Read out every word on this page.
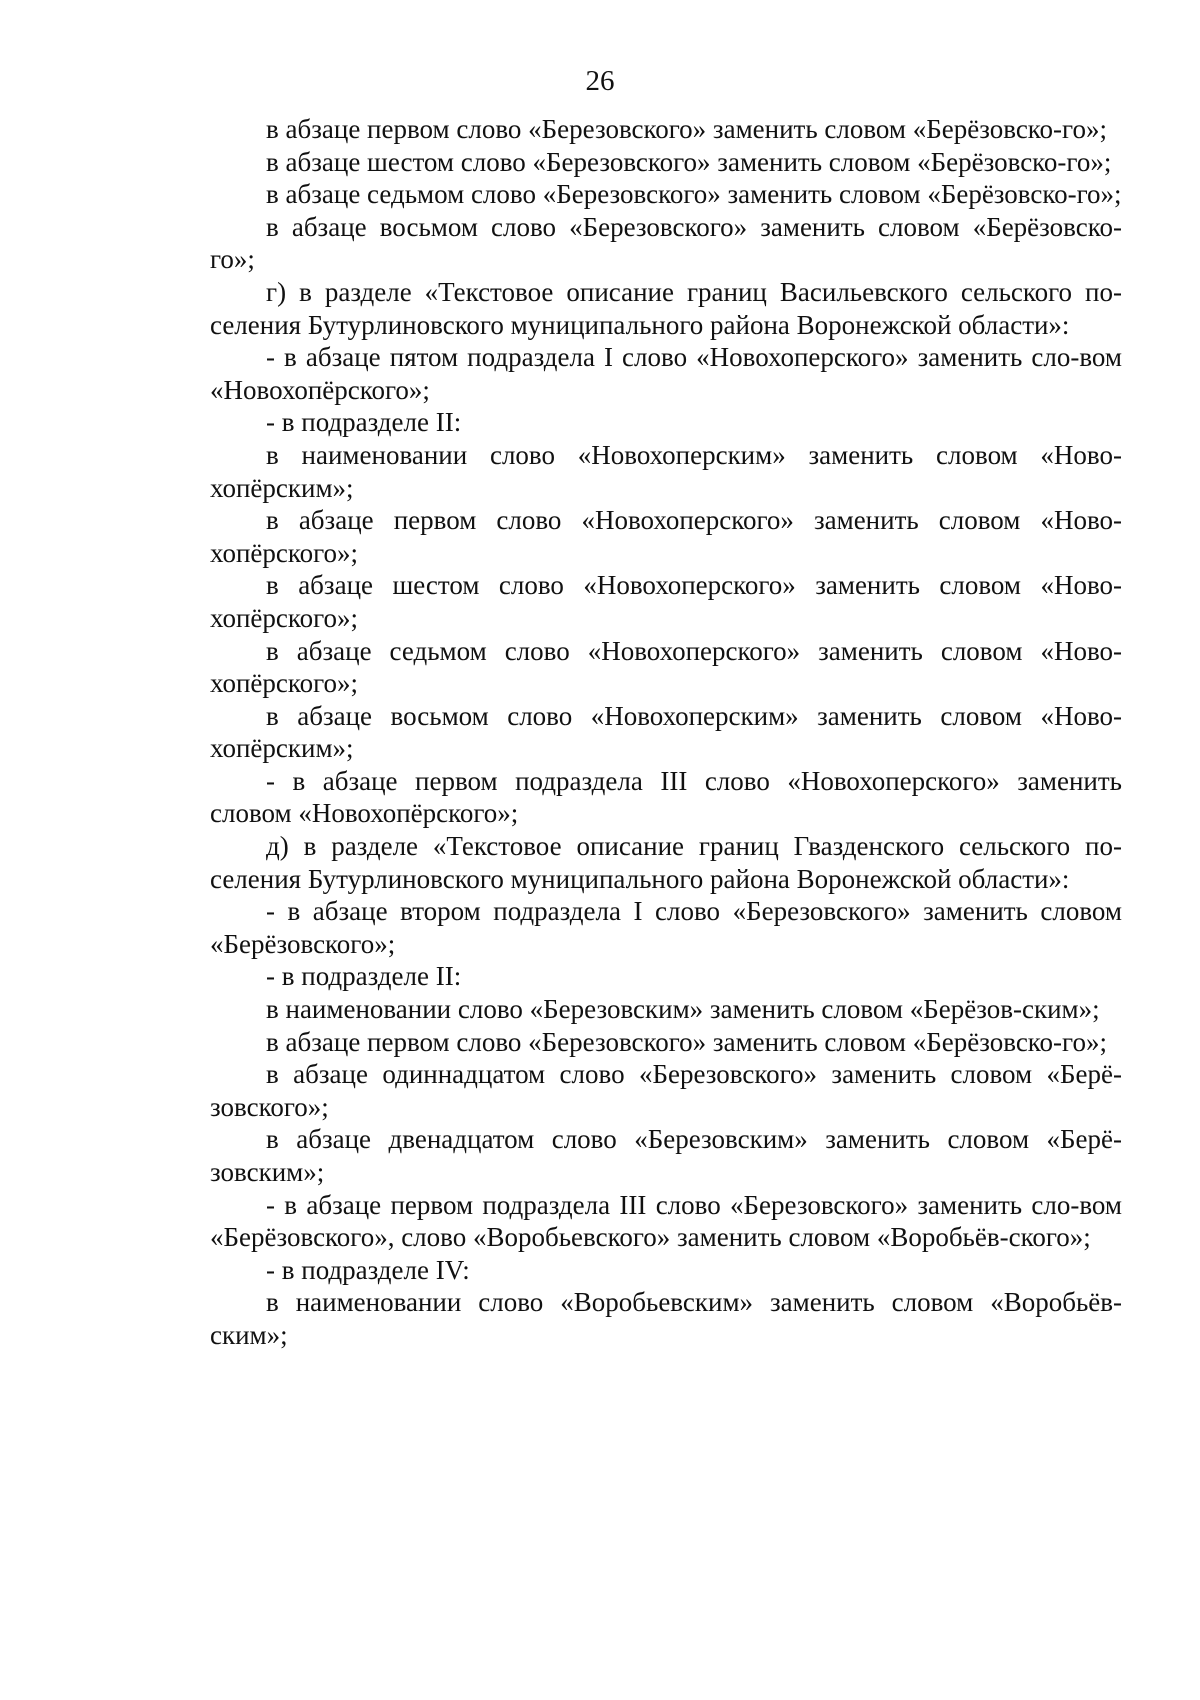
26

в абзаце первом слово «Березовского» заменить словом «Берёзовско-го»;

в абзаце шестом слово «Березовского» заменить словом «Берёзовско-го»;

в абзаце седьмом слово «Березовского» заменить словом «Берёзовско-го»;

в абзаце восьмом слово «Березовского» заменить словом «Берёзовско-го»;

г) в разделе «Текстовое описание границ Васильевского сельского по-селения Бутурлиновского муниципального района Воронежской области»:

- в абзаце пятом подраздела I слово «Новохоперского» заменить сло-вом «Новохопёрского»;

- в подразделе II:

в наименовании слово «Новохоперским» заменить словом «Ново-хопёрским»;

в абзаце первом слово «Новохоперского» заменить словом «Ново-хопёрского»;

в абзаце шестом слово «Новохоперского» заменить словом «Ново-хопёрского»;

в абзаце седьмом слово «Новохоперского» заменить словом «Ново-хопёрского»;

в абзаце восьмом слово «Новохоперским» заменить словом «Ново-хопёрским»;

- в абзаце первом подраздела III слово «Новохоперского» заменить словом «Новохопёрского»;

д) в разделе «Текстовое описание границ Гвазденского сельского по-селения Бутурлиновского муниципального района Воронежской области»:

- в абзаце втором подраздела I слово «Березовского» заменить словом «Берёзовского»;

- в подразделе II:

в наименовании слово «Березовским» заменить словом «Берёзов-ским»;

в абзаце первом слово «Березовского» заменить словом «Берёзовско-го»;

в абзаце одиннадцатом слово «Березовского» заменить словом «Берё-зовского»;

в абзаце двенадцатом слово «Березовским» заменить словом «Берё-зовским»;

- в абзаце первом подраздела III слово «Березовского» заменить сло-вом «Берёзовского», слово «Воробьевского» заменить словом «Воробьёв-ского»;

- в подразделе IV:

в наименовании слово «Воробьевским» заменить словом «Воробьёв-ским»;
